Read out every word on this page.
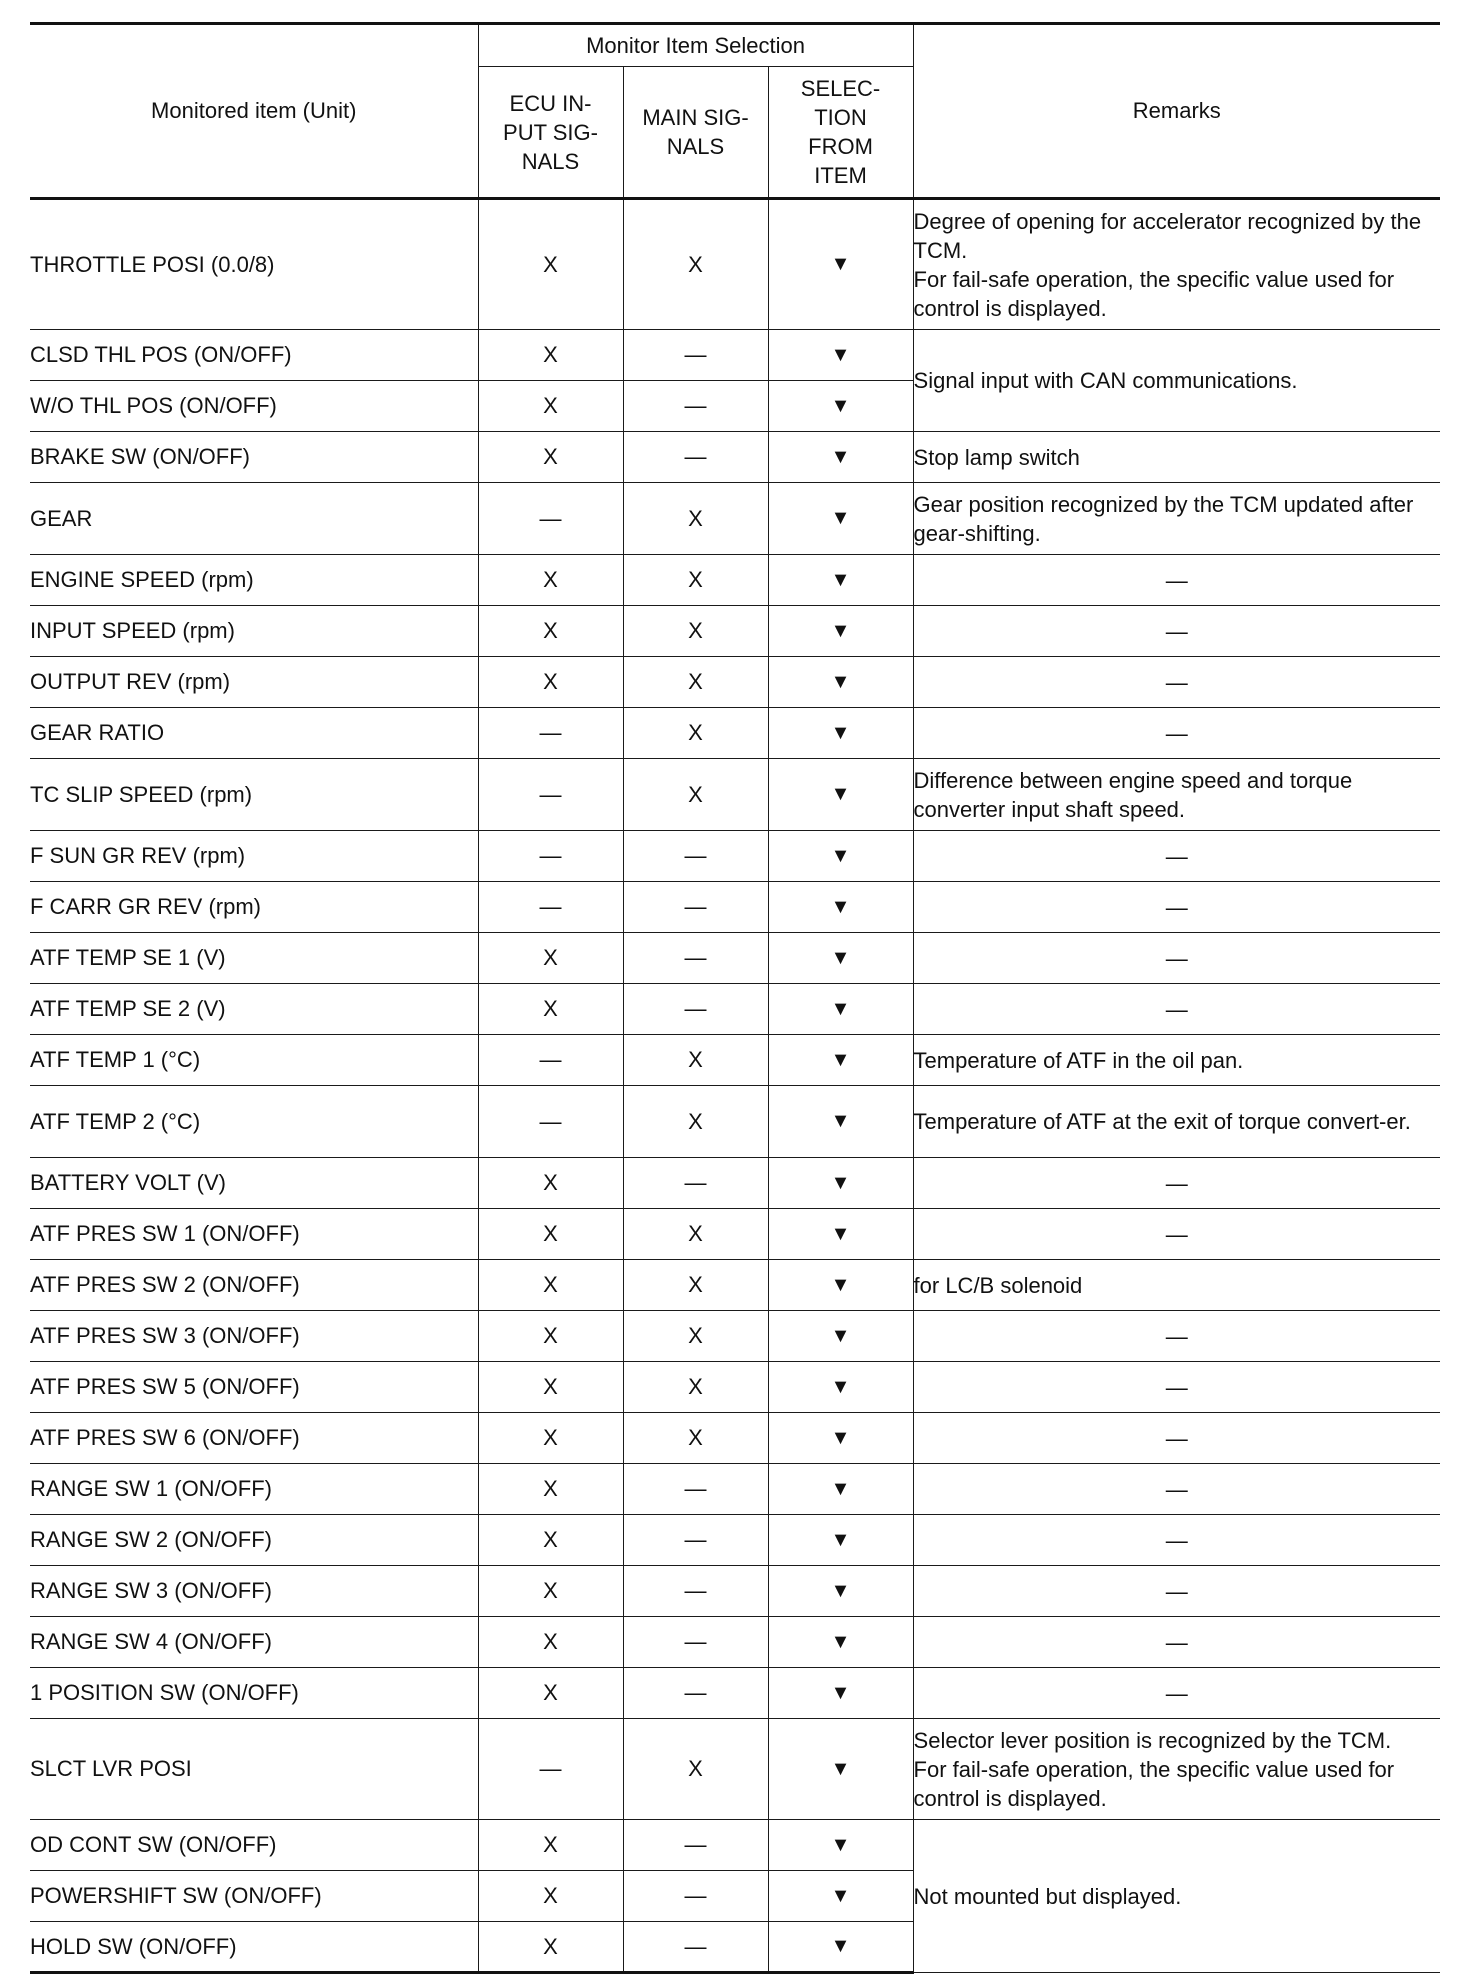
Monitored item (Unit)	Monitor Item Selection			Remarks
	ECU IN-
PUT SIG-
NALS	MAIN SIG-
NALS	SELEC-
TION
FROM
ITEM	
THROTTLE POSI (0.0/8)	X	X	▼	Degree of opening for accelerator recognized by the TCM.
For fail-safe operation, the specific value used for control is displayed.
CLSD THL POS (ON/OFF)	X	—	▼	Signal input with CAN communications.
W/O THL POS (ON/OFF)	X	—	▼	
BRAKE SW (ON/OFF)	X	—	▼	Stop lamp switch
GEAR	—	X	▼	Gear position recognized by the TCM updated after gear-shifting.
ENGINE SPEED (rpm)	X	X	▼	—
INPUT SPEED (rpm)	X	X	▼	—
OUTPUT REV (rpm)	X	X	▼	—
GEAR RATIO	—	X	▼	—
TC SLIP SPEED (rpm)	—	X	▼	Difference between engine speed and torque converter input shaft speed.
F SUN GR REV (rpm)	—	—	▼	—
F CARR GR REV (rpm)	—	—	▼	—
ATF TEMP SE 1 (V)	X	—	▼	—
ATF TEMP SE 2 (V)	X	—	▼	—
ATF TEMP 1 (°C)	—	X	▼	Temperature of ATF in the oil pan.
ATF TEMP 2 (°C)	—	X	▼	Temperature of ATF at the exit of torque convert-er.
BATTERY VOLT (V)	X	—	▼	—
ATF PRES SW 1 (ON/OFF)	X	X	▼	—
ATF PRES SW 2 (ON/OFF)	X	X	▼	for LC/B solenoid
ATF PRES SW 3 (ON/OFF)	X	X	▼	—
ATF PRES SW 5 (ON/OFF)	X	X	▼	—
ATF PRES SW 6 (ON/OFF)	X	X	▼	—
RANGE SW 1 (ON/OFF)	X	—	▼	—
RANGE SW 2 (ON/OFF)	X	—	▼	—
RANGE SW 3 (ON/OFF)	X	—	▼	—
RANGE SW 4 (ON/OFF)	X	—	▼	—
1 POSITION SW (ON/OFF)	X	—	▼	—
SLCT LVR POSI	—	X	▼	Selector lever position is recognized by the TCM.
For fail-safe operation, the specific value used for control is displayed.
OD CONT SW (ON/OFF)	X	—	▼	Not mounted but displayed.
POWERSHIFT SW (ON/OFF)	X	—	▼	
HOLD SW (ON/OFF)	X	—	▼	
